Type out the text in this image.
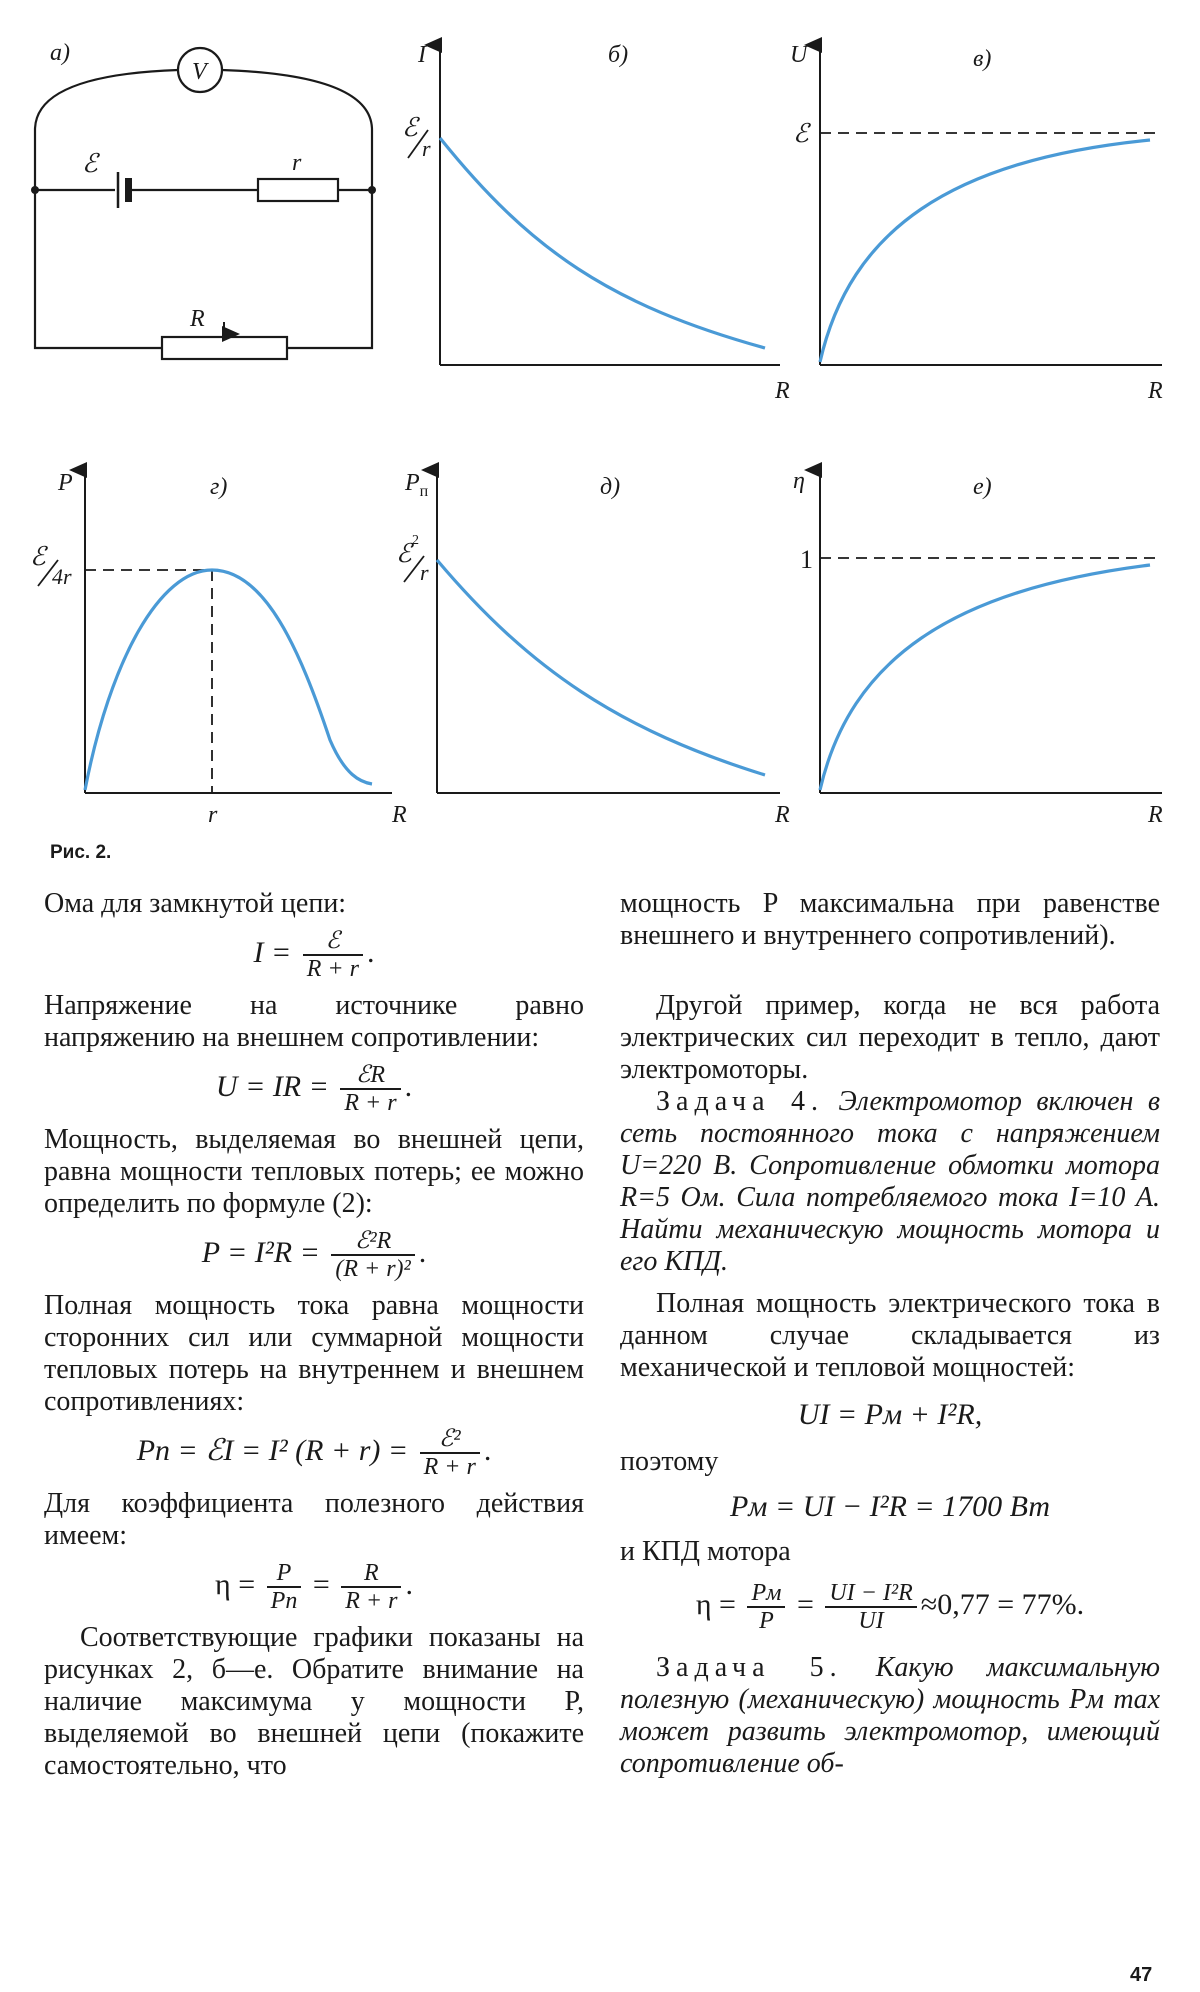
а)
V
ℰ	r
R
I	б)
R
ℰ
r
U	в)
R
ℰ
P	г)
R
r
ℰ
4r
$P_п$	д)
R
ℰ 2
r
η	е)
R
1
Рис. 2.

Ома для замкнутой цепи:

$I = \frac{\text{ℰ}}{R + r}$ .

Напряжение на источнике равно напряжению на внешнем сопротивлении:

U = IR = $\frac{\text{ℰR}}{R + r}$ .

Мощность, выделяемая во внешней цепи, равна мощности тепловых потерь; ее можно определить по формуле (2):

$P = I^2R = \frac{\text{ℰ²R}}{\text{(R + r)²}}$ .

Полная мощность тока равна мощности сторонних сил или суммарной мощности тепловых потерь на внутреннем и внешнем сопротивлениях:

Pп = ℰI = I² $(R + r) = \frac{\text{ℰ²}}{R + r}$ .

Для коэффициента полезного действия имеем:

$\eta = \frac{P}{Pп} = \frac{R}{R + r}$ .

Соответствующие графики показаны на рисунках 2, б—е. Обратите внимание на наличие максимума у мощности P, выделяемой во внешней цепи (покажите самостоятельно, что

мощность P максимальна при равенстве внешнего и внутреннего сопротивлений).

Другой пример, когда не вся работа электрических сил переходит в тепло, дают электромоторы.

Задача 4. Электромотор включен в сеть постоянного тока с напряжением U=220 В. Сопротивление обмотки мотора R=5 Ом. Сила потребляемого тока I=10 А. Найти механическую мощность мотора и его КПД.

Полная мощность электрического тока в данном случае складывается из механической и тепловой мощностей:

UI = Pм + I²R,

поэтому

Pм = UI − I²R = 1700 Вт

и КПД мотора

$\eta = \frac{Pм}{P} = \frac{\text{UI − I²R}}{UI} \approx 0,77 = 77\%$.

Задача 5. Какую максимальную полезную (механическую) мощность Pм max может развить электромотор, имеющий сопротивление об-

47
